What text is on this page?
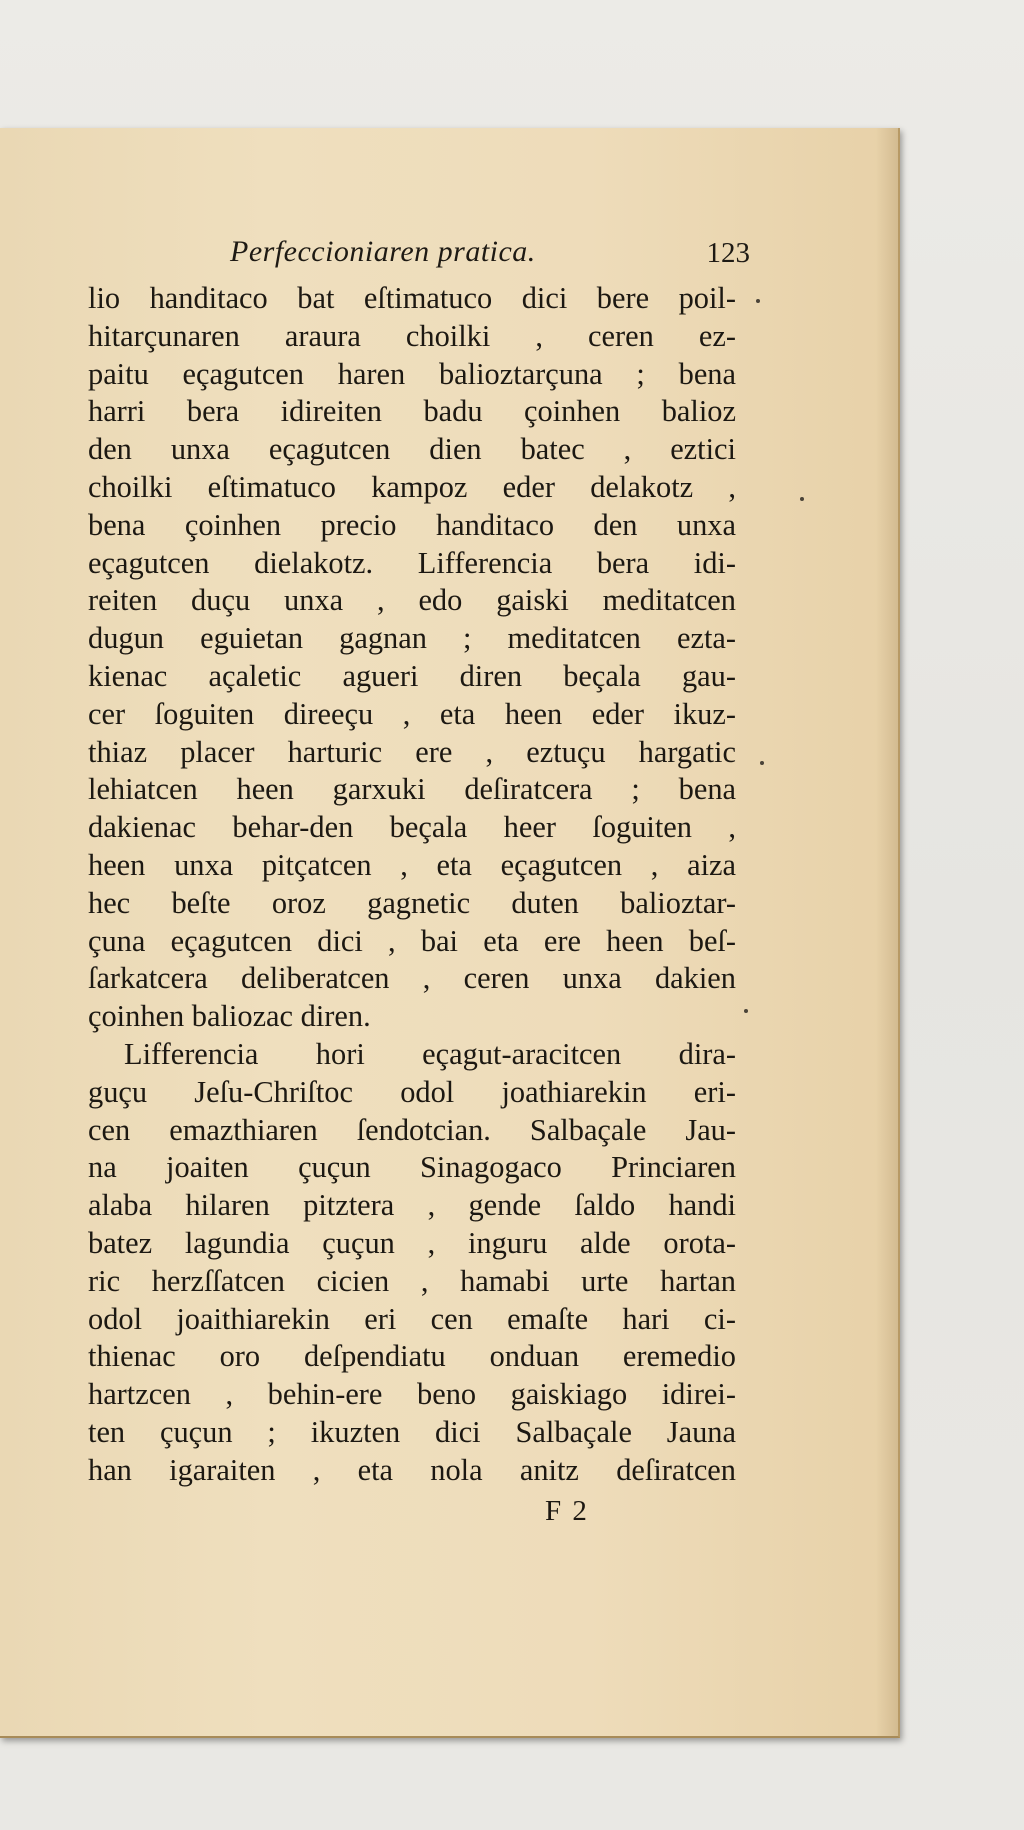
Perfeccioniaren pratica.	123
lio handitaco bat eſtimatuco dici bere poil-
hitarçunaren araura choilki , ceren ez-
paitu eçagutcen haren balioztarçuna ; bena
harri bera idireiten badu çoinhen balioz
den unxa eçagutcen dien batec , eztici
choilki eſtimatuco kampoz eder delakotz ,
bena çoinhen precio handitaco den unxa
eçagutcen dielakotz. Lifferencia bera idi-
reiten duçu unxa , edo gaiski meditatcen
dugun eguietan gagnan ; meditatcen ezta-
kienac açaletic agueri diren beçala gau-
cer ſoguiten direeçu , eta heen eder ikuz-
thiaz placer harturic ere , eztuçu hargatic
lehiatcen heen garxuki deſiratcera ; bena
dakienac behar-den beçala heer ſoguiten ,
heen unxa pitçatcen , eta eçagutcen , aiza
hec beſte oroz gagnetic duten balioztar-
çuna eçagutcen dici , bai eta ere heen beſ-
ſarkatcera deliberatcen , ceren unxa dakien
çoinhen baliozac diren.
Lifferencia hori eçagut-aracitcen dira-
guçu Jeſu-Chriſtoc odol joathiarekin eri-
cen emazthiaren ſendotcian. Salbaçale Jau-
na joaiten çuçun Sinagogaco Princiaren
alaba hilaren pitztera , gende ſaldo handi
batez lagundia çuçun , inguru alde orota-
ric herzſſatcen cicien , hamabi urte hartan
odol joaithiarekin eri cen emaſte hari ci-
thienac oro deſpendiatu onduan eremedio
hartzcen , behin-ere beno gaiskiago idirei-
ten çuçun ; ikuzten dici Salbaçale Jauna
han igaraiten , eta nola anitz deſiratcen
F 2
